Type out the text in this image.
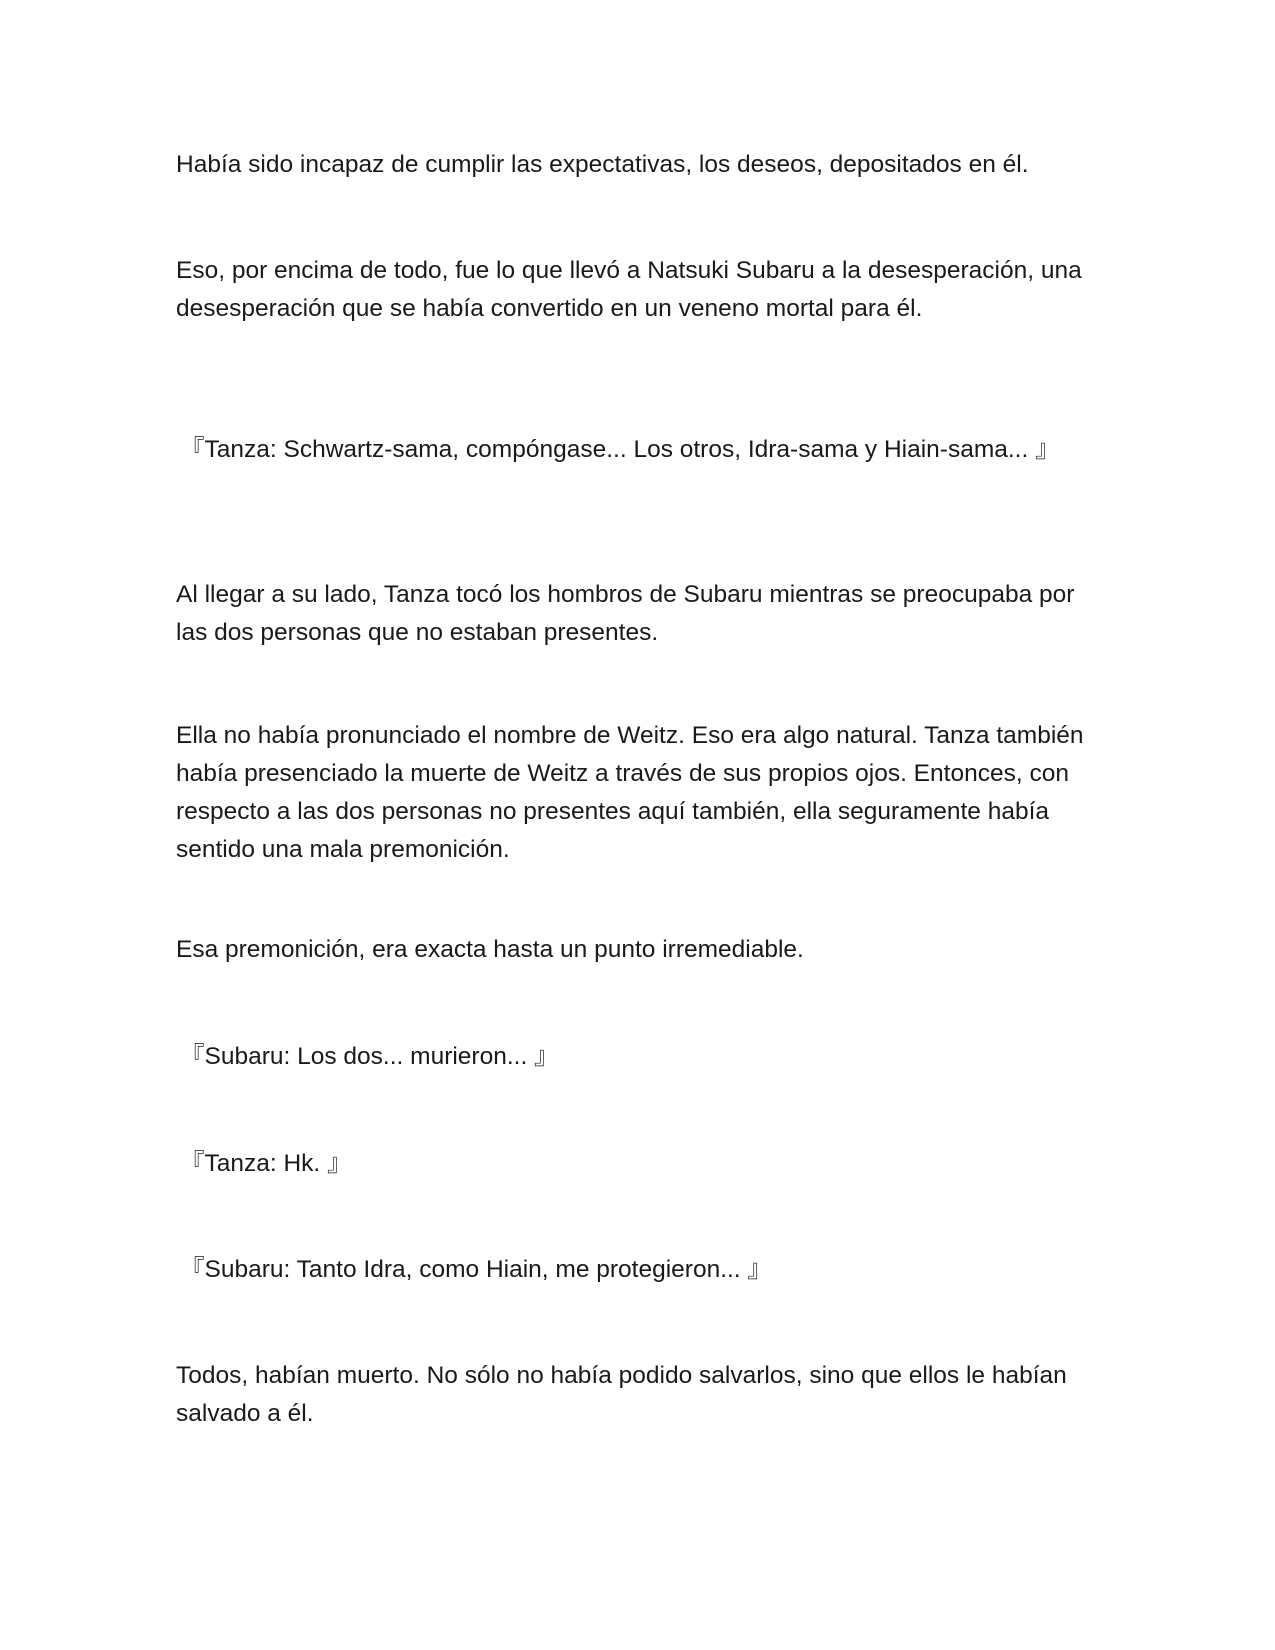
Había sido incapaz de cumplir las expectativas, los deseos, depositados en él.

Eso, por encima de todo, fue lo que llevó a Natsuki Subaru a la desesperación, una desesperación que se había convertido en un veneno mortal para él.

『Tanza: Schwartz-sama, compóngase... Los otros, Idra-sama y Hiain-sama... 』

Al llegar a su lado, Tanza tocó los hombros de Subaru mientras se preocupaba por las dos personas que no estaban presentes.

Ella no había pronunciado el nombre de Weitz. Eso era algo natural. Tanza también había presenciado la muerte de Weitz a través de sus propios ojos. Entonces, con respecto a las dos personas no presentes aquí también, ella seguramente había sentido una mala premonición.

Esa premonición, era exacta hasta un punto irremediable.

『Subaru: Los dos... murieron... 』

『Tanza: Hk. 』

『Subaru: Tanto Idra, como Hiain, me protegieron... 』

Todos, habían muerto. No sólo no había podido salvarlos, sino que ellos le habían salvado a él.
